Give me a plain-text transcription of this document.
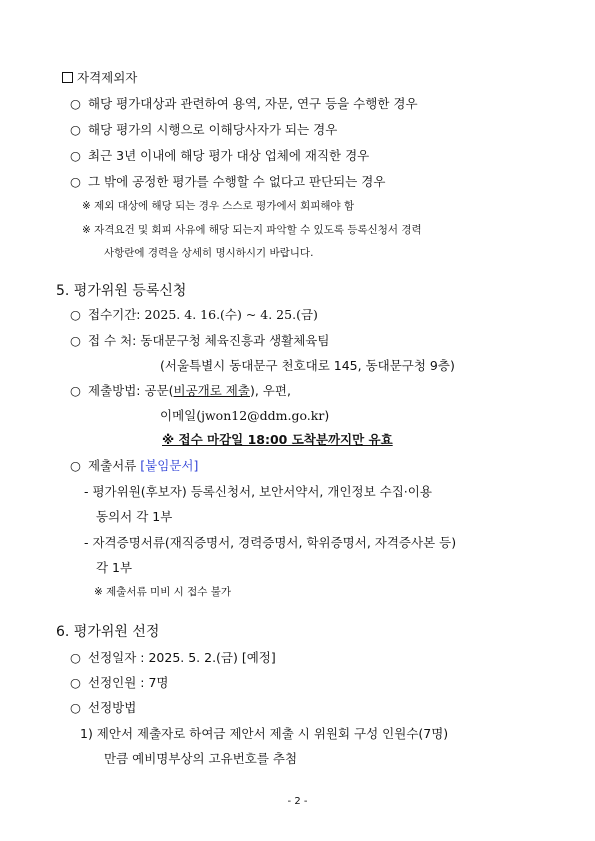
자격제외자
○ 해당 평가대상과 관련하여 용역, 자문, 연구 등을 수행한 경우
○ 해당 평가의 시행으로 이해당사자가 되는 경우
○ 최근 3년 이내에 해당 평가 대상 업체에 재직한 경우
○ 그 밖에 공정한 평가를 수행할 수 없다고 판단되는 경우
※ 제외 대상에 해당 되는 경우 스스로 평가에서 회피해야 함
※ 자격요건 및 회피 사유에 해당 되는지 파악할 수 있도록 등록신청서 경력
사항란에 경력을 상세히 명시하시기 바랍니다.
5. 평가위원 등록신청
○ 접수기간: 2025. 4. 16.(수) ~ 4. 25.(금)
○ 접 수 처: 동대문구청 체육진흥과 생활체육팀
(서울특별시 동대문구 천호대로 145, 동대문구청 9층)
○ 제출방법: 공문(비공개로 제출), 우편,
이메일(jwon12@ddm.go.kr)
※ 접수 마감일 18:00 도착분까지만 유효
○ 제출서류 [붙임문서]
- 평가위원(후보자) 등록신청서, 보안서약서, 개인정보 수집·이용
동의서 각 1부
- 자격증명서류(재직증명서, 경력증명서, 학위증명서, 자격증사본 등)
각 1부
※ 제출서류 미비 시 접수 불가
6. 평가위원 선정
○ 선정일자 : 2025. 5. 2.(금) [예정]
○ 선정인원 : 7명
○ 선정방법
1) 제안서 제출자로 하여금 제안서 제출 시 위원회 구성 인원수(7명)
만큼 예비명부상의 고유번호를 추첨
- 2 -
